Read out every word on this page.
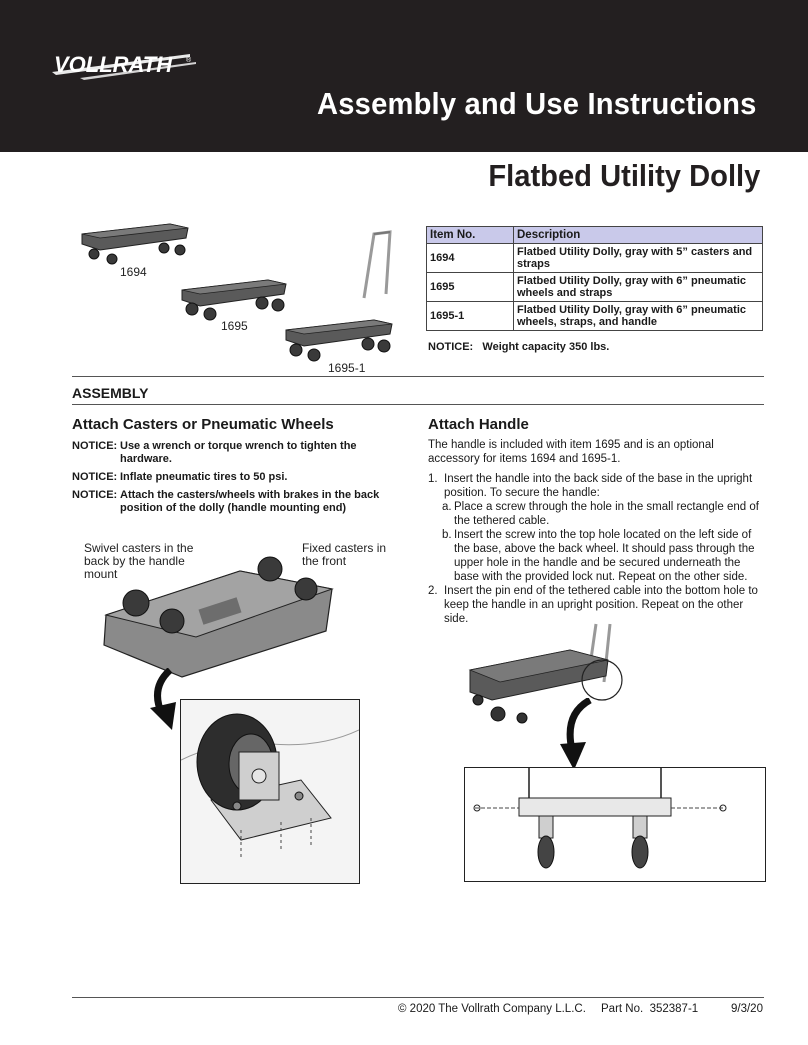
VOLLRATH ®
Assembly and Use Instructions
Flatbed Utility Dolly
1694
1695
1695-1
Item No.	Description
1694	Flatbed Utility Dolly, gray with 5” casters and straps
1695	Flatbed Utility Dolly, gray with 6” pneumatic wheels and straps
1695-1	Flatbed Utility Dolly, gray with 6” pneumatic wheels, straps, and handle
NOTICE:   Weight capacity 350 lbs.
ASSEMBLY
Attach Casters or Pneumatic Wheels
NOTICE: Use a wrench or torque wrench to tighten the hardware.
NOTICE: Inflate pneumatic tires to 50 psi.
NOTICE: Attach the casters/wheels with brakes in the back position of the dolly (handle mounting end)
Swivel casters in the back by the handle mount
Fixed casters in the front
Attach Handle
The handle is included with item 1695 and is an optional accessory for items 1694 and 1695-1.
1. Insert the handle into the back side of the base in the upright position. To secure the handle:
a. Place a screw through the hole in the small rectangle end of the tethered cable.
b. Insert the screw into the top hole located on the left side of the base, above the back wheel. It should pass through the upper hole in the handle and be secured underneath the base with the provided lock nut. Repeat on the other side.
2. Insert the pin end of the tethered cable into the bottom hole to keep the handle in an upright position. Repeat on the other side.
© 2020 The Vollrath Company L.L.C. Part No.  352387-1	9/3/20
